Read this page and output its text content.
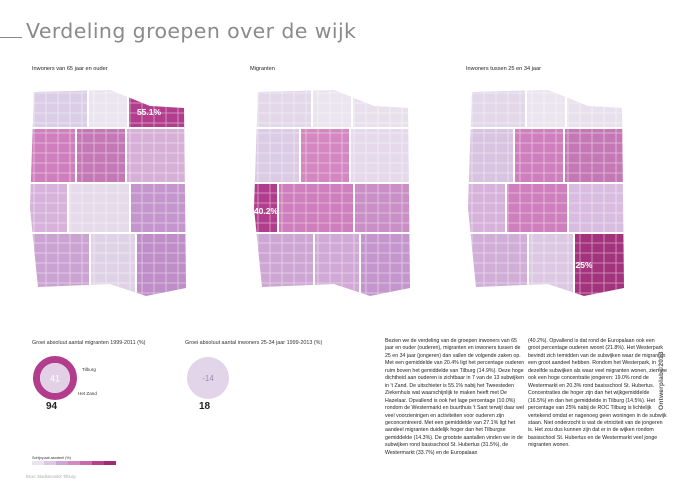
Verdeling groepen over de wijk
Inwoners van 65 jaar en ouder
55.1%
Migranten
40.2%
Inwoners tussen 25 en 34 jaar
25%
Groei absoluut aantal migranten 1999-2011 (%)
41
Tilburg
Het Zand
94
Groei absoluut aantal inwoners 25-34 jaar 1999-2013 (%)
-14
18
Schijnpaal aandeel (%)
Bron: Stadsmonitor Tilburg

Bezien we de verdeling van de groepen inwoners van 65 jaar en ouder (ouderen), migranten en inwoners tussen de 25 en 34 jaar (jongeren) dan vallen de volgende zaken op. Met een gemiddelde van 20.4% ligt het percentage ouderen ruim boven het gemiddelde van Tilburg (14.9%). Deze hoge dichtheid aan ouderen is zichtbaar in 7 van de 13 subwijken in 't Zand. De uitschieter is 55.1% nabij het Tweesteden Ziekenhuis wat waarschijnlijk te maken heeft met De Hazelaar. Opvallend is ook het lage percentage (10.0%) rondom de Westermarkt en buurthuis 't Sant terwijl daar wel veel voorzieningen en activiteiten voor ouderen zijn geconcentreerd. Met een gemiddelde van 27.1% ligt het aandeel migranten duidelijk hoger dan het Tilburgse gemiddelde (14.3%). De grootste aantallen vinden we in de subwijken rond basisschool St. Hubertus (31.5%), de Westermarkt (33.7%) en de Europalaan

(40.2%). Opvallend is dat rond de Europalaan ook een groot percentage ouderen woont (21.8%). Het Westerpark bevindt zich temidden van de subwijken waar de migranten een groot aandeel hebben. Rondom het Westerpark, in dezelfde subwijken als waar veel migranten wonen, zien we ook een hoge concentratie jongeren: 19.0% rond de Westermarkt en 20.3% rond basisschool St. Hubertus. Concentraties die hoger zijn dan het wijkgemiddelde (16.5%) en dan het gemiddelde in Tilburg (14.5%). Het percentage van 25% nabij de ROC Tilburg is lichtelijk vertekend omdat er nagenoeg geen woningen in de subwijk staan. Niet onderzocht is wat de etniciteit van de jongeren is. Het zou dus kunnen zijn dat er in de wijken rondom basisschool St. Hubertus en de Westermarkt veel jonge migranten wonen.

Ontwerplab©2013
